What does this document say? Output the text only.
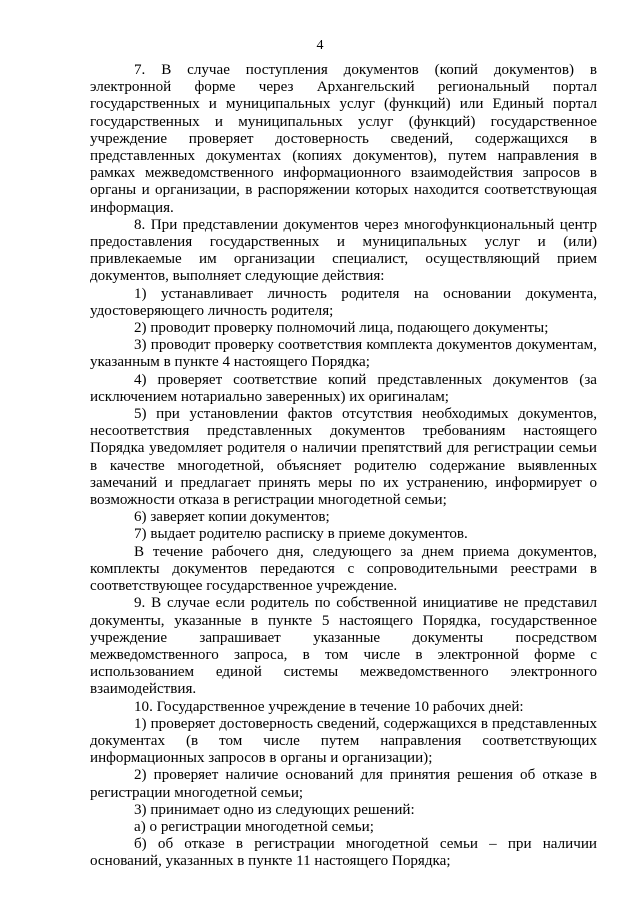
4

7. В случае поступления документов (копий документов) в электронной форме через Архангельский региональный портал государственных и муниципальных услуг (функций) или Единый портал государственных и муниципальных услуг (функций) государственное учреждение проверяет достоверность сведений, содержащихся в представленных документах (копиях документов), путем направления в рамках межведомственного информационного взаимодействия запросов в органы и организации, в распоряжении которых находится соответствующая информация.

8. При представлении документов через многофункциональный центр предоставления государственных и муниципальных услуг и (или) привлекаемые им организации специалист, осуществляющий прием документов, выполняет следующие действия:

1) устанавливает личность родителя на основании документа, удостоверяющего личность родителя;

2) проводит проверку полномочий лица, подающего документы;

3) проводит проверку соответствия комплекта документов документам, указанным в пункте 4 настоящего Порядка;

4) проверяет соответствие копий представленных документов (за исключением нотариально заверенных) их оригиналам;

5) при установлении фактов отсутствия необходимых документов, несоответствия представленных документов требованиям настоящего Порядка уведомляет родителя о наличии препятствий для регистрации семьи в качестве многодетной, объясняет родителю содержание выявленных замечаний и предлагает принять меры по их устранению, информирует о возможности отказа в регистрации многодетной семьи;

6) заверяет копии документов;

7) выдает родителю расписку в приеме документов.

В течение рабочего дня, следующего за днем приема документов, комплекты документов передаются с сопроводительными реестрами в соответствующее государственное учреждение.

9. В случае если родитель по собственной инициативе не представил документы, указанные в пункте 5 настоящего Порядка, государственное учреждение запрашивает указанные документы посредством межведомственного запроса, в том числе в электронной форме с использованием единой системы межведомственного электронного взаимодействия.

10. Государственное учреждение в течение 10 рабочих дней:

1) проверяет достоверность сведений, содержащихся в представленных документах (в том числе путем направления соответствующих информационных запросов в органы и организации);

2) проверяет наличие оснований для принятия решения об отказе в регистрации многодетной семьи;

3) принимает одно из следующих решений:

а) о регистрации многодетной семьи;

б) об отказе в регистрации многодетной семьи – при наличии оснований, указанных в пункте 11 настоящего Порядка;
